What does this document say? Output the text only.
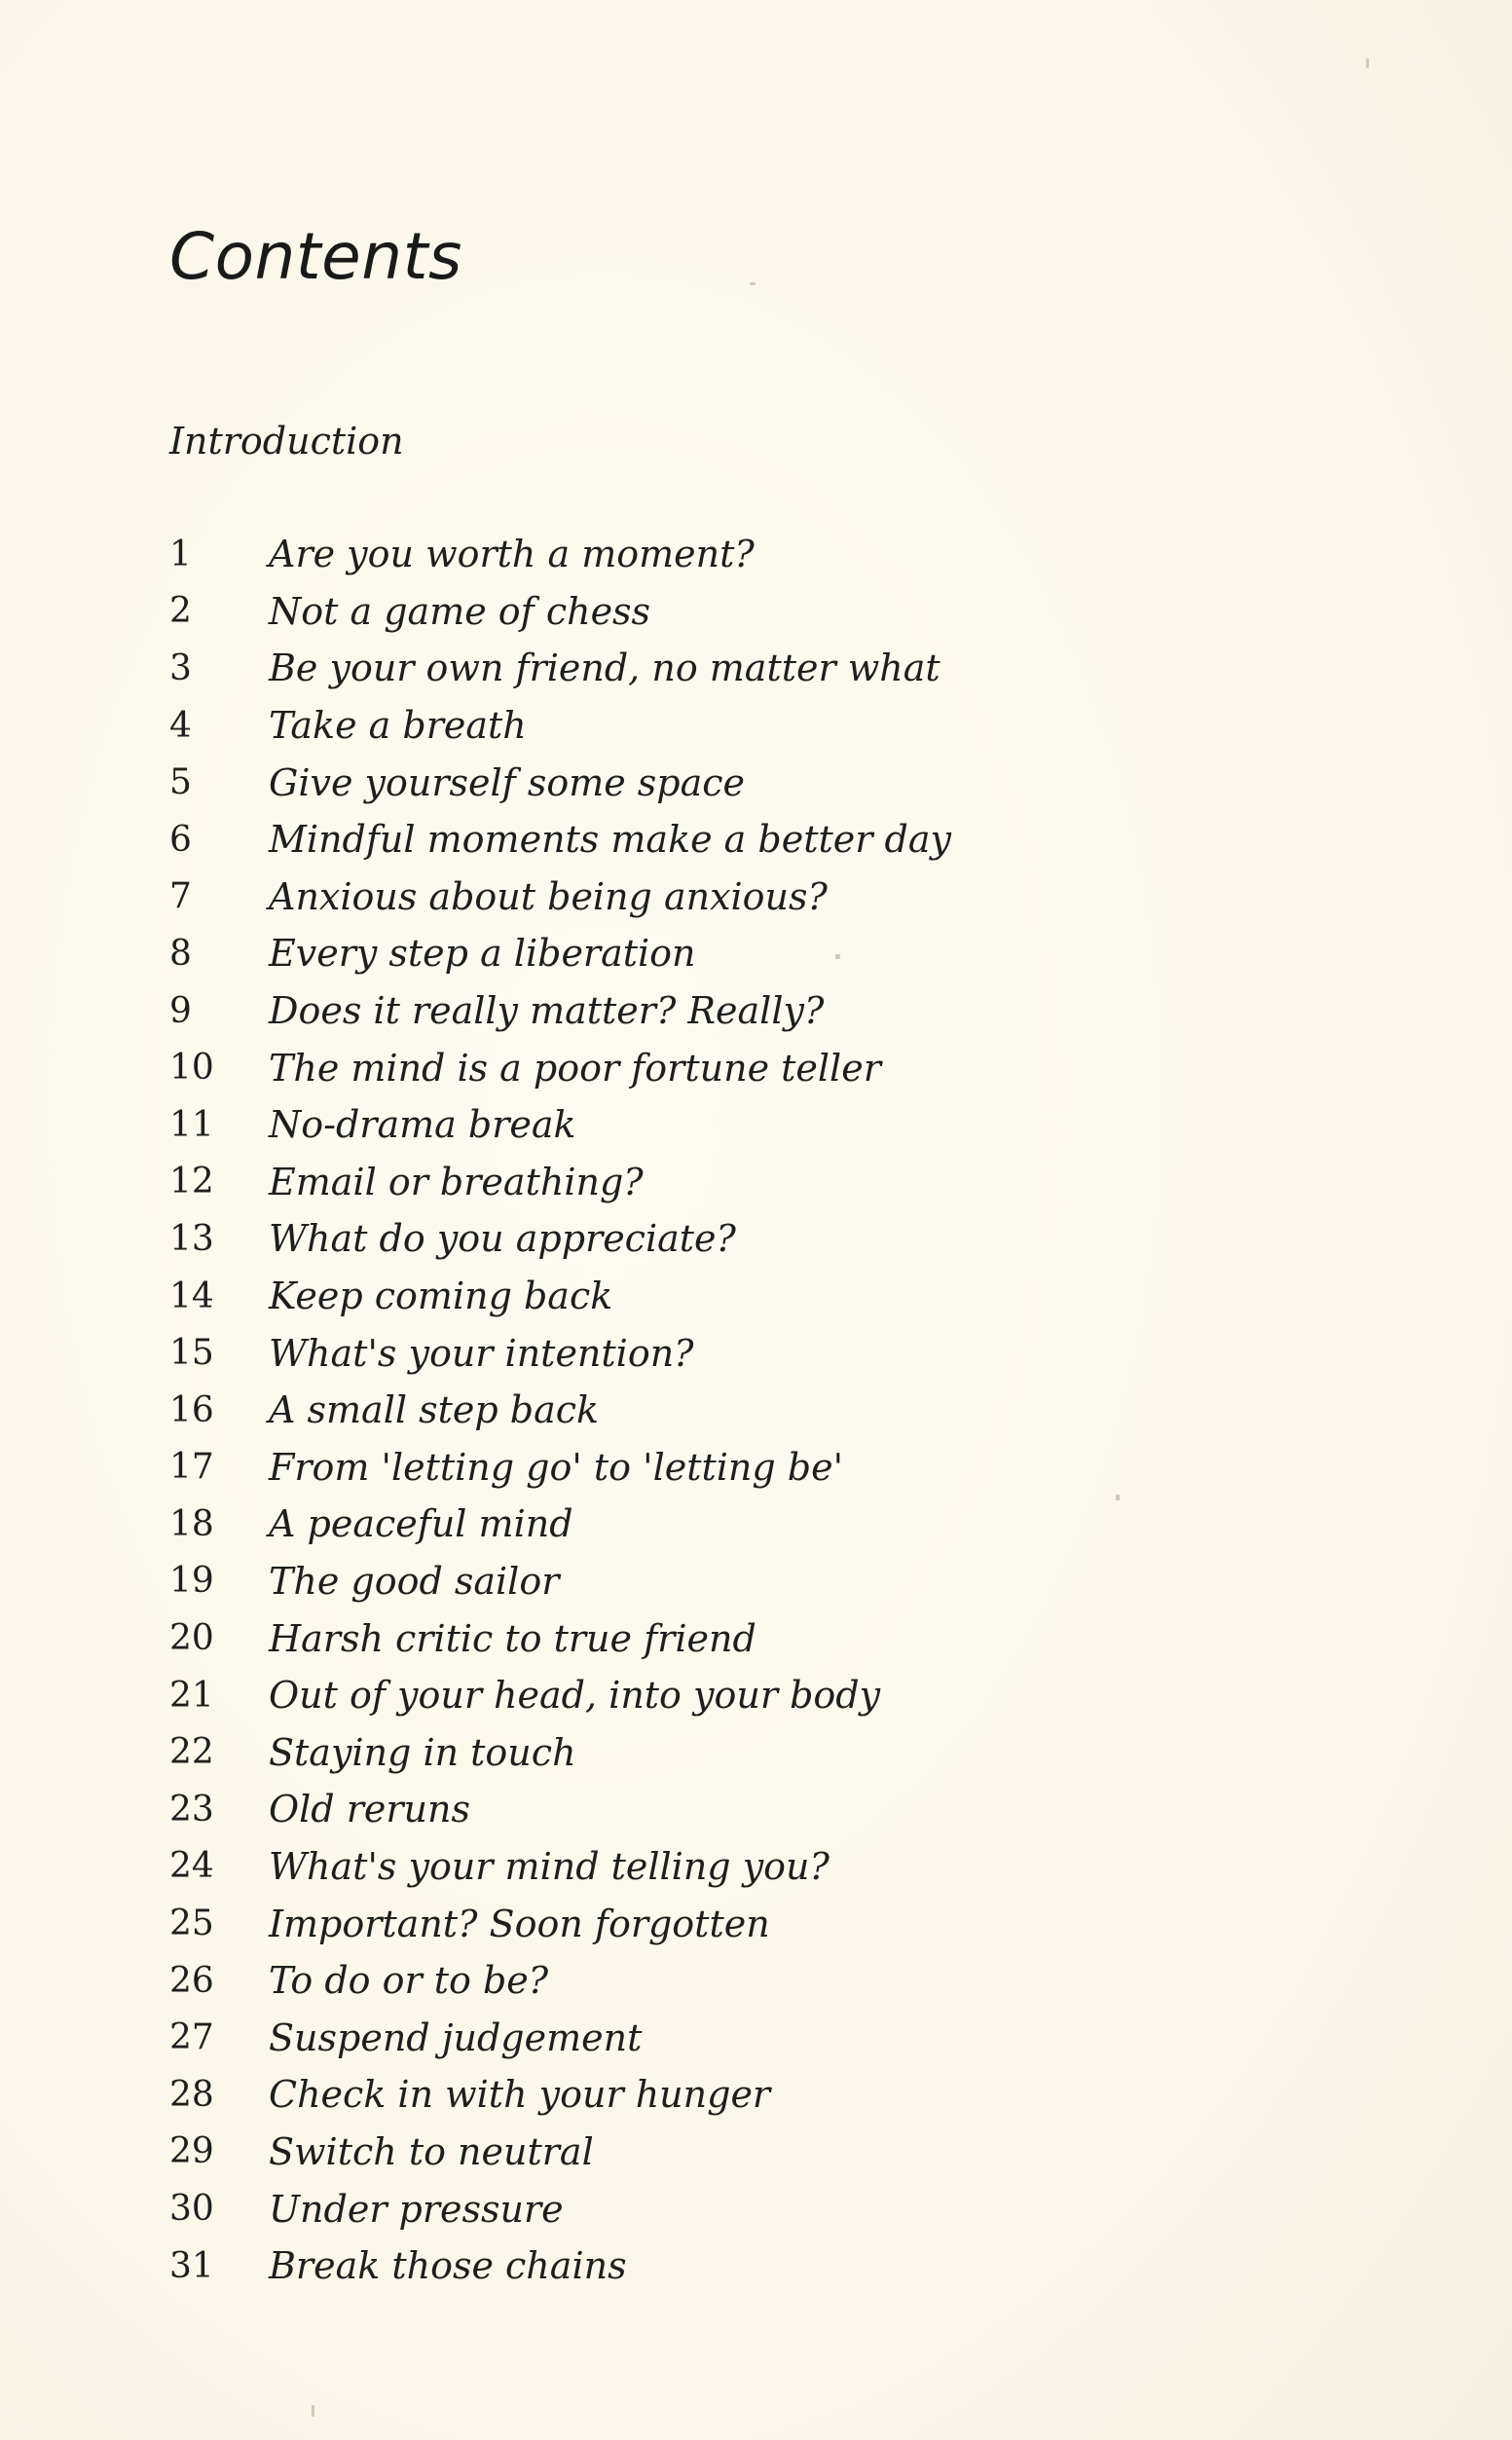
Contents
Introduction
1	Are you worth a moment?
2	Not a game of chess
3	Be your own friend, no matter what
4	Take a breath
5	Give yourself some space
6	Mindful moments make a better day
7	Anxious about being anxious?
8	Every step a liberation
9	Does it really matter? Really?
10	The mind is a poor fortune teller
11	No-drama break
12	Email or breathing?
13	What do you appreciate?
14	Keep coming back
15	What's your intention?
16	A small step back
17	From 'letting go' to 'letting be'
18	A peaceful mind
19	The good sailor
20	Harsh critic to true friend
21	Out of your head, into your body
22	Staying in touch
23	Old reruns
24	What's your mind telling you?
25	Important? Soon forgotten
26	To do or to be?
27	Suspend judgement
28	Check in with your hunger
29	Switch to neutral
30	Under pressure
31	Break those chains
